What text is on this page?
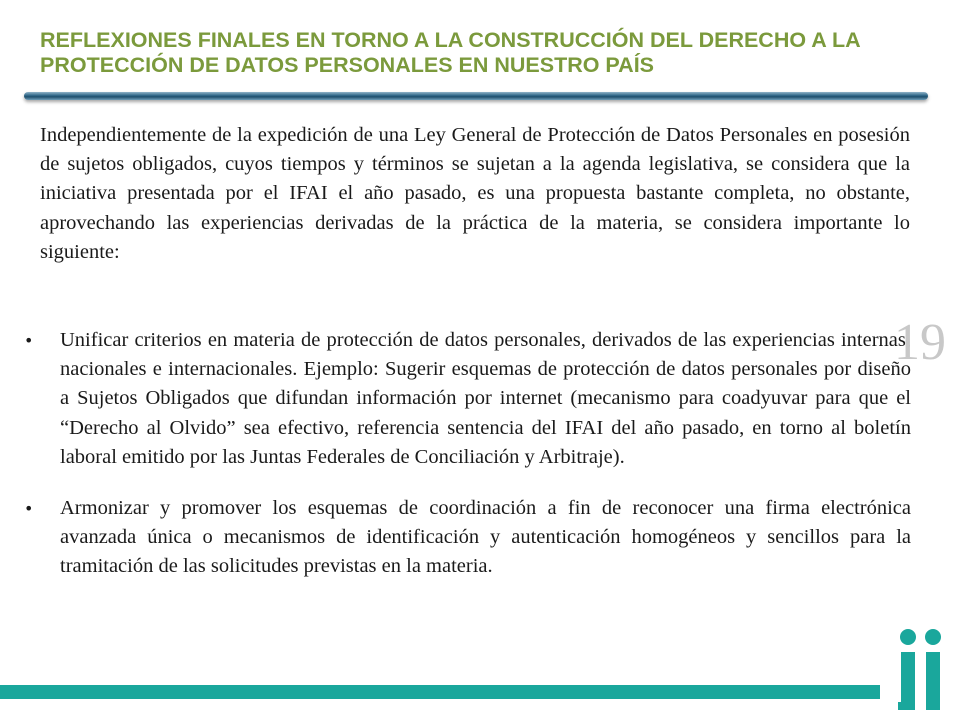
REFLEXIONES FINALES EN TORNO A LA CONSTRUCCIÓN DEL DERECHO A LA PROTECCIÓN DE DATOS PERSONALES EN NUESTRO PAÍS

Independientemente de la expedición de una Ley General de Protección de Datos Personales en posesión de sujetos obligados, cuyos tiempos y términos se sujetan a la agenda legislativa, se considera que la iniciativa presentada por el IFAI el año pasado, es una propuesta bastante completa, no obstante, aprovechando las experiencias derivadas de la práctica de la materia, se considera importante lo siguiente:

• Unificar criterios en materia de protección de datos personales, derivados de las experiencias internas, nacionales e internacionales. Ejemplo: Sugerir esquemas de protección de datos personales por diseño a Sujetos Obligados que difundan información por internet (mecanismo para coadyuvar para que el “Derecho al Olvido” sea efectivo, referencia sentencia del IFAI del año pasado, en torno al boletín laboral emitido por las Juntas Federales de Conciliación y Arbitraje).
• Armonizar y promover los esquemas de coordinación a fin de reconocer una firma electrónica avanzada única o mecanismos de identificación y autenticación homogéneos y sencillos para la tramitación de las solicitudes previstas en la materia.
19
